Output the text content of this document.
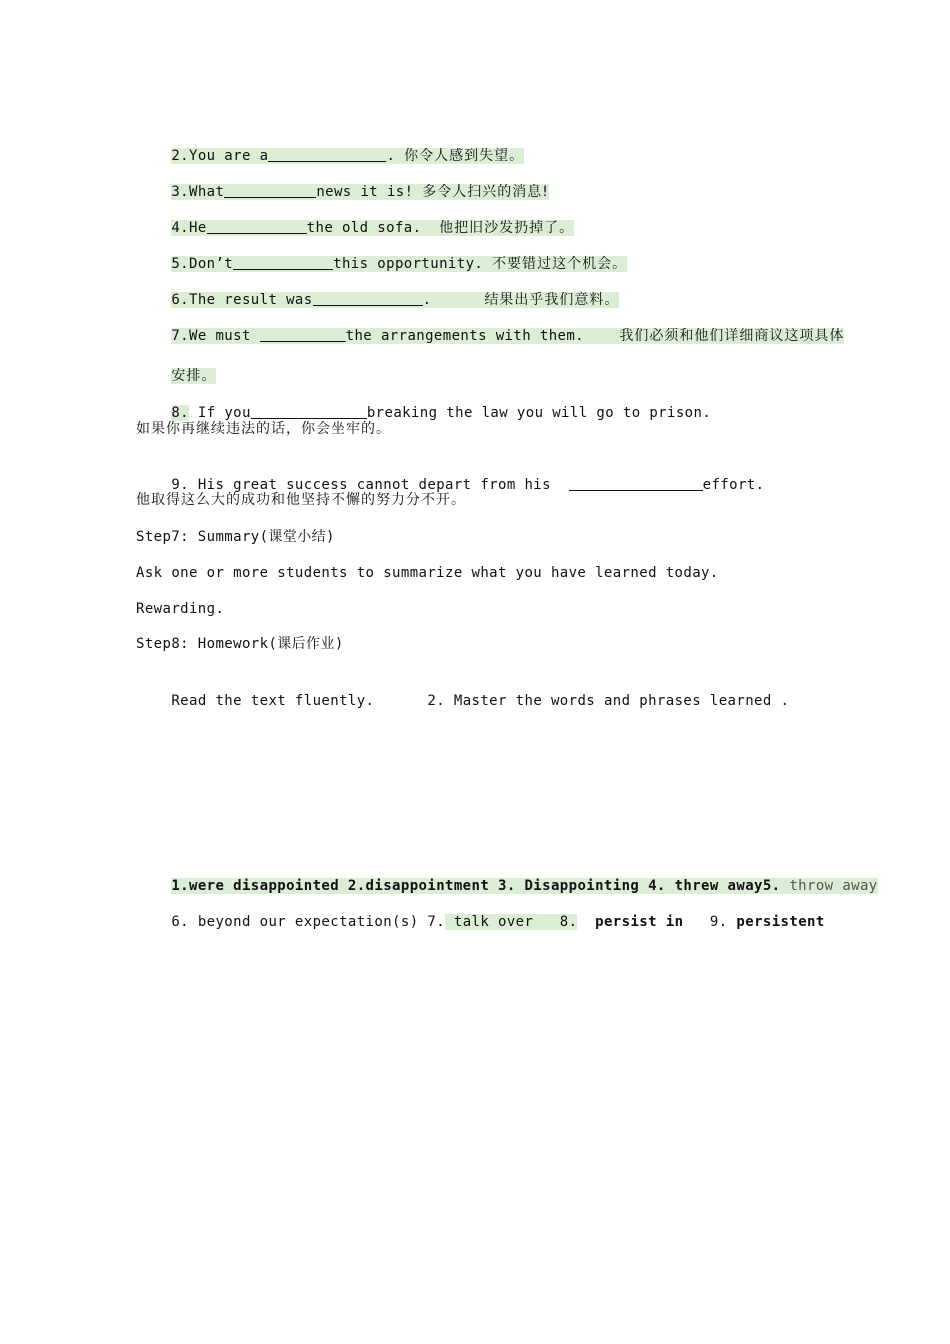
2.You are a	. 你令人感到失望。

3.What	news it is! 多令人扫兴的消息!

4.He	the old sofa. 他把旧沙发扔掉了。

5.Don’t	this opportunity. 不要错过这个机会。

6.The result was	.	结果出乎我们意料。

7.We must	the arrangements with them.	我们必须和他们详细商议这项具体

安排。

8. If you	breaking the law you will go to prison.

如果你再继续违法的话，你会坐牢的。

9. His great success cannot depart from his	effort.

他取得这么大的成功和他坚持不懈的努力分不开。
Step7: Summary(课堂小结)
Ask one or more students to summarize what you have learned today.
Rewarding.
Step8: Homework(课后作业)

Read the text fluently.	2. Master the words and phrases learned .

1.were disappointed 2.disappointment 3. Disappointing 4. threw away5. throw away

6. beyond our expectation(s) 7. talk over   8.  persist in   9. persistent
